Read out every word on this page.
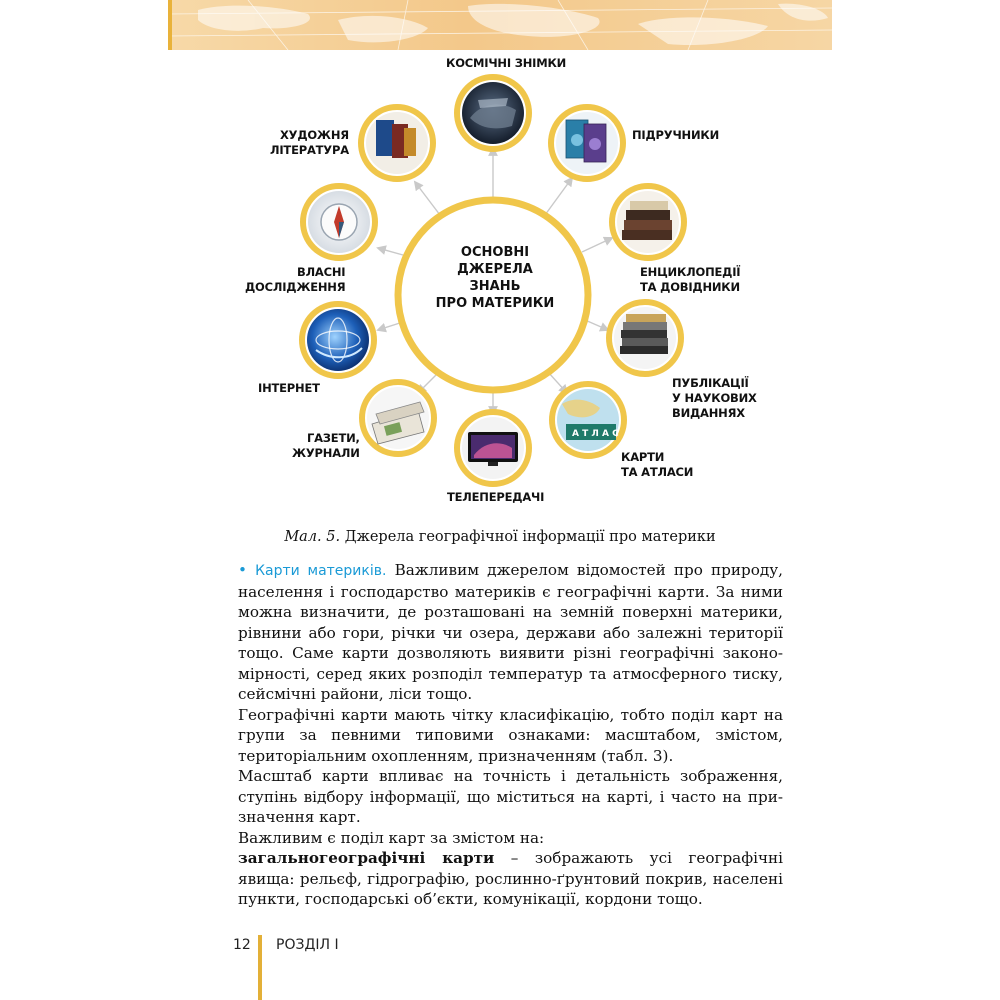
А Т Л А С
ОСНОВНІ
ДЖЕРЕЛА
ЗНАНЬ
ПРО МАТЕРИКИ
КОСМІЧНІ ЗНІМКИ
ПІДРУЧНИКИ
ЕНЦИКЛОПЕДІЇ
ТА ДОВІДНИКИ
ПУБЛІКАЦІЇ
У НАУКОВИХ
ВИДАННЯХ
КАРТИ
ТА АТЛАСИ
ТЕЛЕПЕРЕДАЧІ
ГАЗЕТИ,
ЖУРНАЛИ
ІНТЕРНЕТ
ВЛАСНІ
ДОСЛІДЖЕННЯ
ХУДОЖНЯ
ЛІТЕРАТУРА
Мал. 5. Джерела географічної інформації про материки

• Карти материків. Важливим джерелом відомостей про природу, населення і господарство материків є географічні карти. За ними можна визначити, де розташовані на земній поверхні материки, рівнини або гори, річки чи озера, держави або залежні території тощо. Саме карти дозволяють виявити різні географічні закономірності, серед яких розподіл температур та атмосферного тиску, сейсмічні райони, ліси тощо.

Географічні карти мають чітку класифікацію, тобто поділ карт на групи за певними типовими ознаками: масштабом, змістом, територіальним охопленням, призначенням (табл. 3).

Масштаб карти впливає на точність і детальність зображення, ступінь відбору інформації, що міститься на карті, і часто на призначення карт.

Важливим є поділ карт за змістом на:

загальногеографічні карти – зображають усі географічні явища: рельєф, гідрографію, рослинно-ґрунтовий покрив, населені пункти, господарські об’єкти, комунікації, кордони тощо.

12 РОЗДІЛ І
